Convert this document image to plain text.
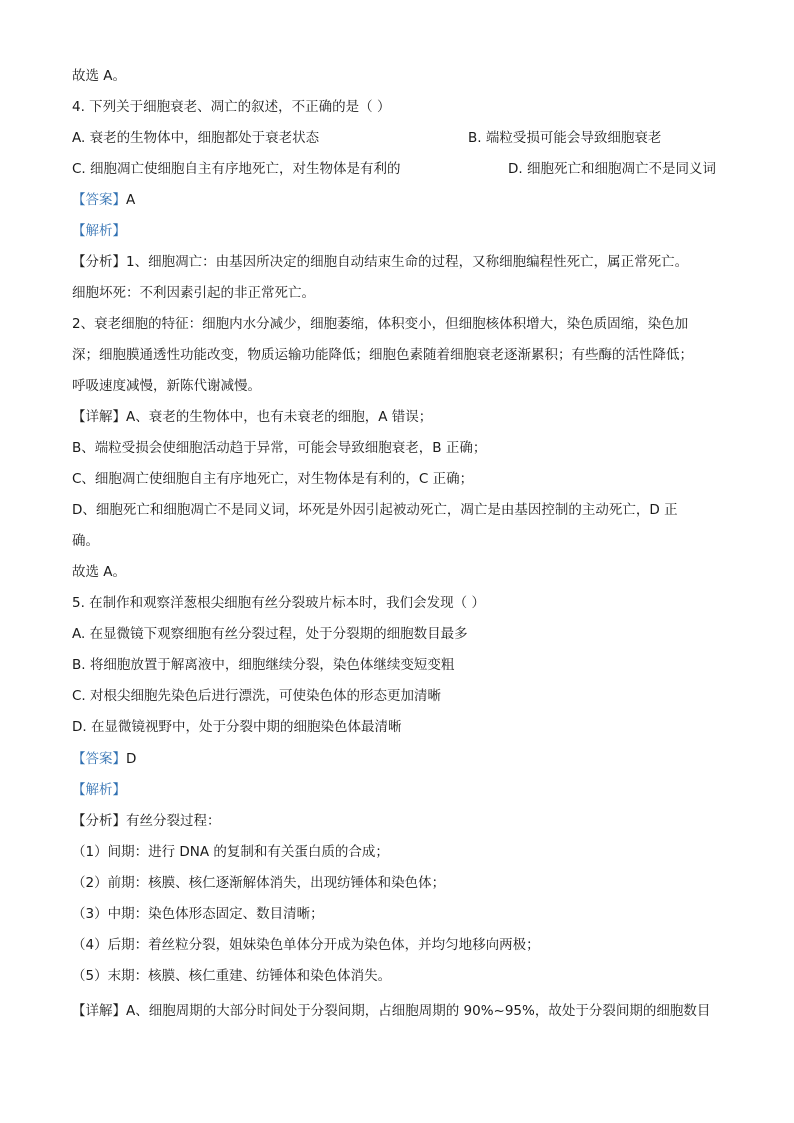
故选 A。
4. 下列关于细胞衰老、凋亡的叙述，不正确的是（ ）
A. 衰老的生物体中，细胞都处于衰老状态	B. 端粒受损可能会导致细胞衰老
C. 细胞凋亡使细胞自主有序地死亡，对生物体是有利的	D. 细胞死亡和细胞凋亡不是同义词
【答案】A
【解析】
【分析】1、细胞凋亡：由基因所决定的细胞自动结束生命的过程，又称细胞编程性死亡，属正常死亡。
细胞坏死：不利因素引起的非正常死亡。
2、衰老细胞的特征：细胞内水分减少，细胞萎缩，体积变小，但细胞核体积增大，染色质固缩，染色加
深；细胞膜通透性功能改变，物质运输功能降低；细胞色素随着细胞衰老逐渐累积；有些酶的活性降低；
呼吸速度减慢，新陈代谢减慢。
【详解】A、衰老的生物体中，也有未衰老的细胞，A 错误；
B、端粒受损会使细胞活动趋于异常，可能会导致细胞衰老，B 正确；
C、细胞凋亡使细胞自主有序地死亡，对生物体是有利的，C 正确；
D、细胞死亡和细胞凋亡不是同义词，坏死是外因引起被动死亡，凋亡是由基因控制的主动死亡，D 正
确。
故选 A。
5. 在制作和观察洋葱根尖细胞有丝分裂玻片标本时，我们会发现（ ）
A. 在显微镜下观察细胞有丝分裂过程，处于分裂期的细胞数目最多
B. 将细胞放置于解离液中，细胞继续分裂，染色体继续变短变粗
C. 对根尖细胞先染色后进行漂洗，可使染色体的形态更加清晰
D. 在显微镜视野中，处于分裂中期的细胞染色体最清晰
【答案】D
【解析】
【分析】有丝分裂过程：
（1）间期：进行 DNA 的复制和有关蛋白质的合成；
（2）前期：核膜、核仁逐渐解体消失，出现纺锤体和染色体；
（3）中期：染色体形态固定、数目清晰；
（4）后期：着丝粒分裂，姐妹染色单体分开成为染色体，并均匀地移向两极；
（5）末期：核膜、核仁重建、纺锤体和染色体消失。
【详解】A、细胞周期的大部分时间处于分裂间期，占细胞周期的 90%~95%，故处于分裂间期的细胞数目
